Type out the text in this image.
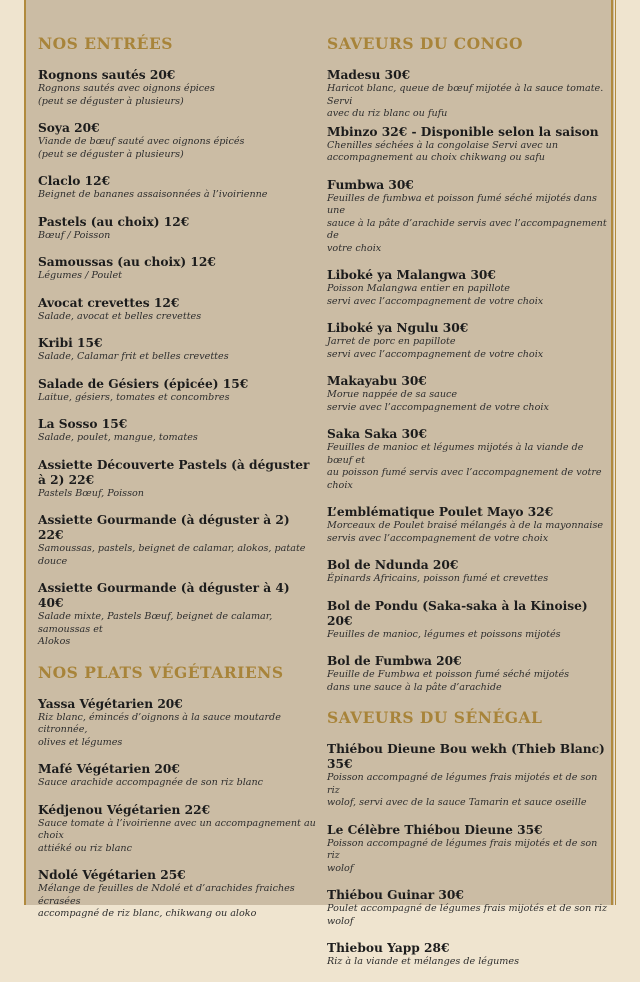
NOS ENTRÉES
Rognons sautés 20€
Rognons sautés avec oignons épices
(peut se déguster à plusieurs)
Soya 20€
Viande de bœuf sauté avec oignons épicés
(peut se déguster à plusieurs)
Claclo 12€
Beignet de bananes assaisonnées à l’ivoirienne
Pastels (au choix) 12€
Bœuf / Poisson
Samoussas (au choix) 12€
Légumes / Poulet
Avocat crevettes 12€
Salade, avocat et belles crevettes
Kribi 15€
Salade, Calamar frit et belles crevettes
Salade de Gésiers (épicée) 15€
Laitue, gésiers, tomates et concombres
La Sosso 15€
Salade, poulet, mangue, tomates
Assiette Découverte Pastels (à déguster à 2) 22€
Pastels Bœuf, Poisson
Assiette Gourmande (à déguster à 2) 22€
Samoussas, pastels, beignet de calamar, alokos, patate douce
Assiette Gourmande (à déguster à 4) 40€
Salade mixte, Pastels Bœuf, beignet de calamar, samoussas et
Alokos
NOS PLATS VÉGÉTARIENS
Yassa Végétarien 20€
Riz blanc, émincés d’oignons à la sauce moutarde citronnée,
olives et légumes
Mafé Végétarien 20€
Sauce arachide accompagnée de son riz blanc
Kédjenou Végétarien 22€
Sauce tomate à l’ivoirienne avec un accompagnement au choix
attiéké ou riz blanc
Ndolé Végétarien 25€
Mélange de feuilles de Ndolé et d’arachides fraiches écrasées
accompagné de riz blanc, chikwang ou aloko
SAVEURS DU CONGO
Madesu 30€
Haricot blanc, queue de bœuf mijotée à la sauce tomate. Servi
avec du riz blanc ou fufu
Mbinzo 32€ - Disponible selon la saison
Chenilles séchées à la congolaise Servi avec un
accompagnement au choix chikwang ou safu
Fumbwa 30€
Feuilles de fumbwa et poisson fumé séché mijotés dans une
sauce à la pâte d’arachide servis avec l’accompagnement de
votre choix
Liboké ya Malangwa 30€
Poisson Malangwa entier en papillote
servi avec l’accompagnement de votre choix
Liboké ya Ngulu 30€
Jarret de porc en papillote
servi avec l’accompagnement de votre choix
Makayabu 30€
Morue nappée de sa sauce
servie avec l’accompagnement de votre choix
Saka Saka 30€
Feuilles de manioc et légumes mijotés à la viande de bœuf et
au poisson fumé servis avec l’accompagnement de votre choix
L’emblématique Poulet Mayo 32€
Morceaux de Poulet braisé mélangés à de la mayonnaise
servis avec l’accompagnement de votre choix
Bol de Ndunda 20€
Épinards Africains, poisson fumé et crevettes
Bol de Pondu (Saka-saka à la Kinoise) 20€
Feuilles de manioc, légumes et poissons mijotés
Bol de Fumbwa 20€
Feuille de Fumbwa et poisson fumé séché mijotés
dans une sauce à la pâte d’arachide
SAVEURS DU SÉNÉGAL
Thiébou Dieune Bou wekh (Thieb Blanc) 35€
Poisson accompagné de légumes frais mijotés et de son riz
wolof, servi avec de la sauce Tamarin et sauce oseille
Le Célèbre Thiébou Dieune 35€
Poisson accompagné de légumes frais mijotés et de son riz
wolof
Thiébou Guinar 30€
Poulet accompagné de légumes frais mijotés et de son riz wolof
Thiebou Yapp 28€
Riz à la viande et mélanges de légumes
